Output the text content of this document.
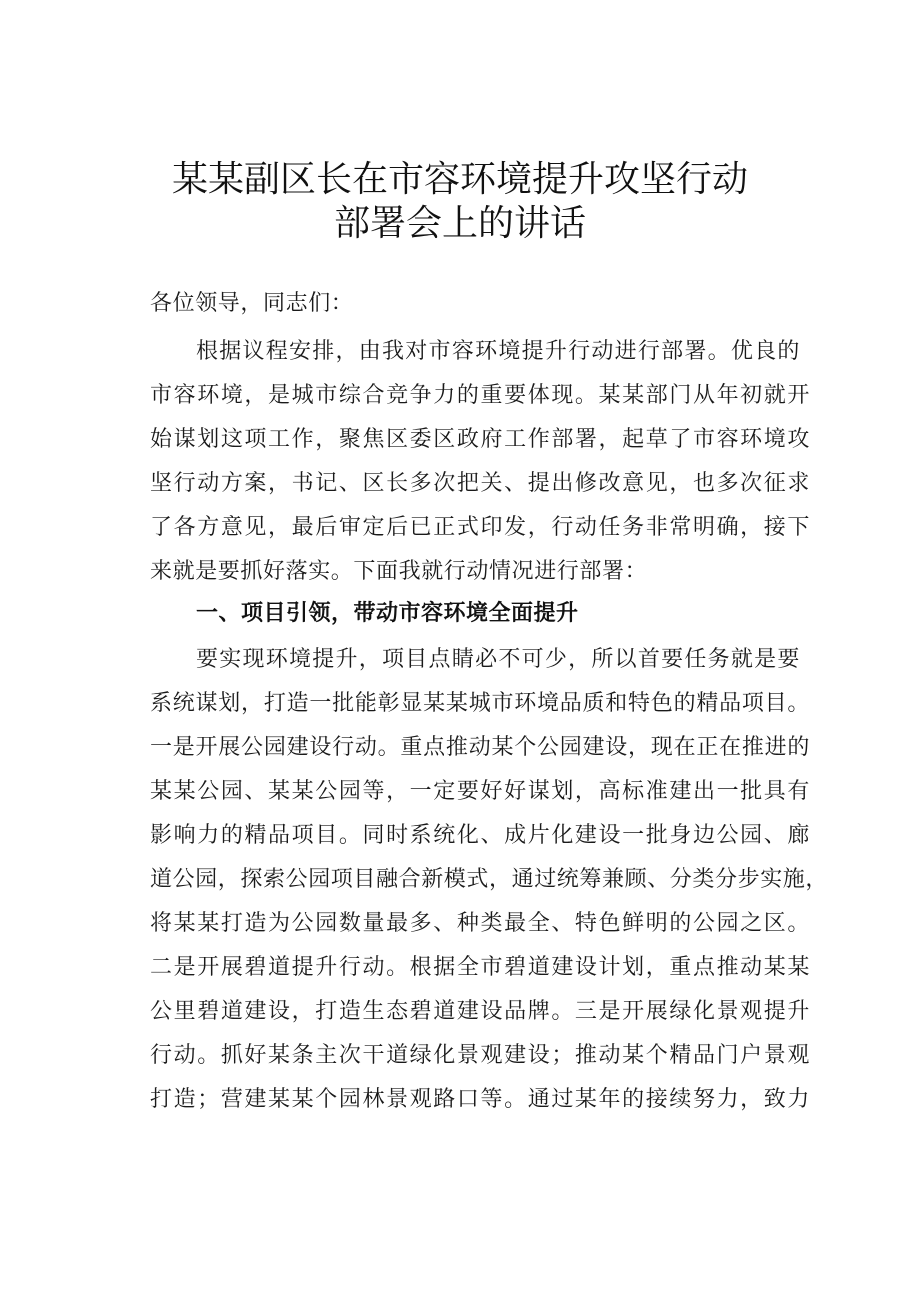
某某副区长在市容环境提升攻坚行动
部署会上的讲话
各位领导，同志们：
根据议程安排，由我对市容环境提升行动进行部署。优良的
市容环境，是城市综合竞争力的重要体现。某某部门从年初就开
始谋划这项工作，聚焦区委区政府工作部署，起草了市容环境攻
坚行动方案，书记、区长多次把关、提出修改意见，也多次征求
了各方意见，最后审定后已正式印发，行动任务非常明确，接下
来就是要抓好落实。下面我就行动情况进行部署：
一、项目引领，带动市容环境全面提升
要实现环境提升，项目点睛必不可少，所以首要任务就是要
系统谋划，打造一批能彰显某某城市环境品质和特色的精品项目。
一是开展公园建设行动。重点推动某个公园建设，现在正在推进的
某某公园、某某公园等，一定要好好谋划，高标准建出一批具有
影响力的精品项目。同时系统化、成片化建设一批身边公园、廊
道公园，探索公园项目融合新模式，通过统筹兼顾、分类分步实施，
将某某打造为公园数量最多、种类最全、特色鲜明的公园之区。
二是开展碧道提升行动。根据全市碧道建设计划，重点推动某某
公里碧道建设，打造生态碧道建设品牌。三是开展绿化景观提升
行动。抓好某条主次干道绿化景观建设；推动某个精品门户景观
打造；营建某某个园林景观路口等。通过某年的接续努力，致力
